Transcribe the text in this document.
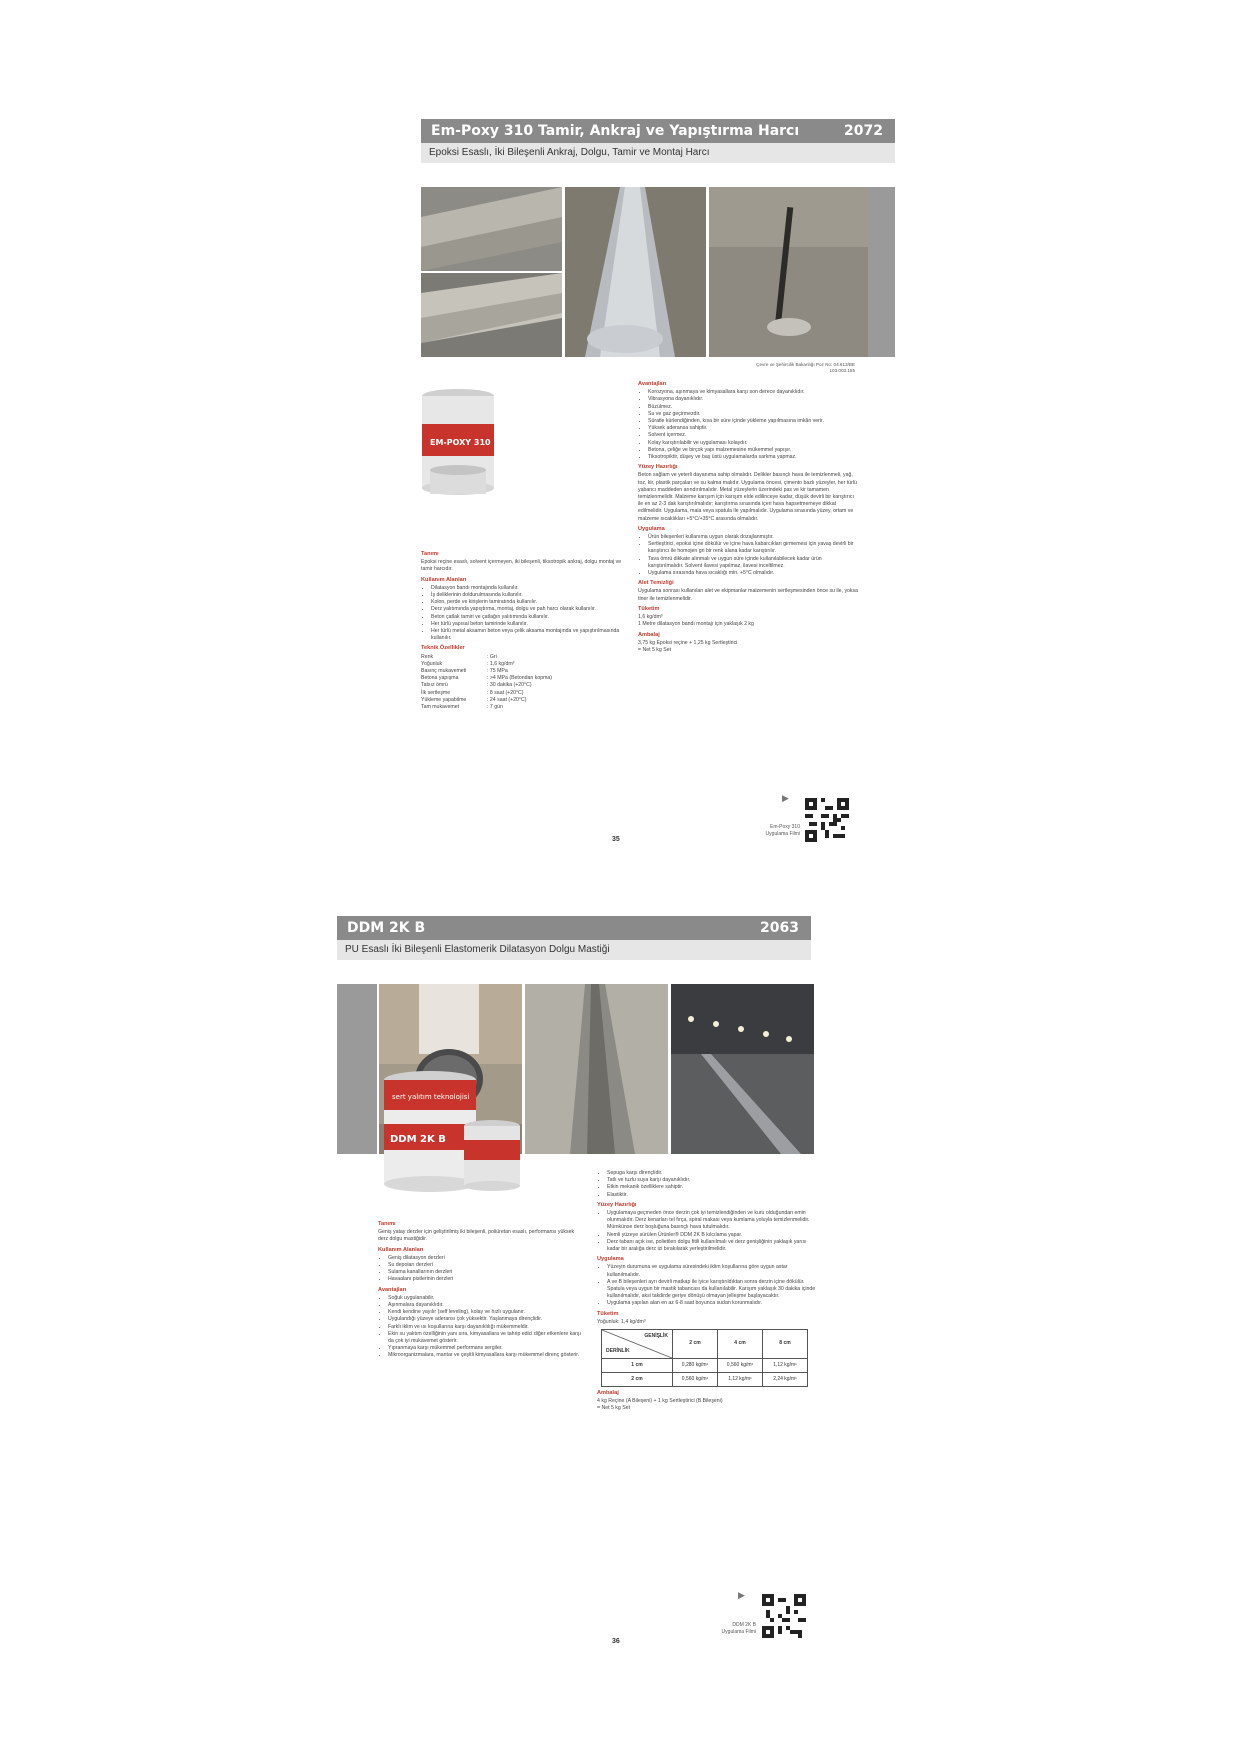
Em-Poxy 310 Tamir, Ankraj ve Yapıştırma Harcı	2072
Epoksi Esaslı, İki Bileşenli Ankraj, Dolgu, Tamir ve Montaj Harcı
Çevre ve Şehircilik Bakanlığı Poz No: 04.613/BE
103.003.155
EM-POXY 310
Tanımı

Epoksi reçine esaslı, solvent içermeyen, iki bileşenli, tiksotropik ankraj, dolgu montaj ve tamir harcıdır.

Kullanım Alanları
• Dilatasyon bandı montajında kullanılır.
• İş deliklerinin doldurulmasında kullanılır.
• Kolon, perde ve kirişlerin tamiratında kullanılır.
• Derz yalıtımında yapıştırma, montaj, dolgu ve pah harcı olarak kullanılır.
• Beton çatlak tamiri ve çatlağın yalıtımında kullanılır.
• Her türlü yapısal beton tamirinde kullanılır.
• Her türlü metal aksamın beton veya çelik aksama montajında ve yapıştırılmasında kullanılır.
Teknik Özellikler
Renk	: Gri
Yoğunluk	: 1,6 kg/dm³
Basınç mukavemeti	: 75 MPa
Betona yapışma	: >4 MPa (Betondan kopma)
Tatsız ömrü	: 30 dakika (+20°C)
İlk sertleşme	: 8 saat (+20°C)
Yükleme yapabilme	: 24 saat (+20°C)
Tam mukavemet	: 7 gün
Avantajları
• Korozyona, aşınmaya ve kimyasallara karşı son derece dayanıklıdır.
• Vibrasyona dayanıklıdır.
• Büzülmez.
• Su ve gaz geçirmezdir.
• Süratle kürlendiğinden, kısa bir süre içinde yükleme yapılmasına imkân verir.
• Yüksek aderansa sahiptir.
• Solvent içermez.
• Kolay karıştırılabilir ve uygulaması kolaydır.
• Betona, çeliğe ve birçok yapı malzemesine mükemmel yapışır.
• Tiksotropiktir, düşey ve baş üstü uygulamalarda sarkma yapmaz.
Yüzey Hazırlığı

Beton sağlam ve yeterli dayanıma sahip olmalıdır. Delikler basınçlı hava ile temizlenmeli, yağ, toz, kir, plastik parçaları ve su kalma malıdır. Uygulama öncesi, çimento bazlı yüzeyler, her türlü yabancı maddeden arındırılmalıdır. Metal yüzeylerin üzerindeki pas ve kir tamamen temizlenmelidir. Malzeme karışım için karışım elde edilinceye kadar, düşük devirli bir karıştırıcı ile en az 2-3 dak karıştırılmalıdır; karıştırma sırasında içeri hava hapsetmemeye dikkat edilmelidir. Uygulama, mala veya spatula ile yapılmalıdır. Uygulama sırasında yüzey, ortam ve malzeme sıcaklıkları +5°C/+35°C arasında olmalıdır.

Uygulama
• Ürün bileşenleri kullanıma uygun olarak dozajlanmıştır.
• Sertleştirici, epoksi içine dökülür ve içine hava kabarcıkları girmemesi için yavaş devirli bir karıştırıcı ile homojen gri bir renk alana kadar karıştırılır.
• Tava ömrü dikkate alınmalı ve uygun süre içinde kullanılabilecek kadar ürün karıştırılmalıdır. Solvent ilavesi yapılmaz, ilavesi inceltilmez.
• Uygulama sırasında hava sıcaklığı min. +5°C olmalıdır.
Alet Temizliği

Uygulama sonrası kullanılan alet ve ekipmanlar malzemenin sertleşmesinden önce su ile, yoksa tiner ile temizlenmelidir.

Tüketim

1,6 kg/dm³
1 Metre dilatasyon bandı montajı için yaklaşık 2 kg

Ambalaj

3,75 kg Epoksi reçine + 1,25 kg Sertleştirici
= Net 5 kg Set

▶
Em-Poxy 310
Uygulama Filmi
35
DDM 2K B	2063
PU Esaslı İki Bileşenli Elastomerik Dilatasyon Dolgu Mastiği
sert yalıtım teknolojisi
DDM 2K B
Tanımı

Geniş yatay derzler için geliştirilmiş iki bileşenli, poliüretan esaslı, performansı yüksek derz dolgu mastiğidir.

Kullanım Alanları
• Geniş dilatasyon derzleri
• Su depoları derzleri
• Sulama kanallarının derzleri
• Havaalanı pistlerinin derzleri
Avantajları
• Soğuk uygulanabilir.
• Aşınmalara dayanıklıdır.
• Kendi kendine yayılır (self leveling), kolay ve hızlı uygulanır.
• Uygulandığı yüzeye aderansı çok yüksektir. Yaşlanmaya dirençlidir.
• Farklı iklim ve ısı koşullarına karşı dayanıklılığı mükemmeldir.
• Ekin su yalıtım özelliğinin yanı sıra, kimyasallara ve tahrip edici diğer etkenlere karşı da çok iyi mukavemet gösterir.
• Yıpranmaya karşı mükemmel performans sergiler.
• Mikroorganizmalara, mantar ve çeşitli kimyasallara karşı mükemmel direnç gösterir.
• Sepuga karşı dirençlidir.
• Tatlı ve tuzlu suya karşı dayanıklıdır.
• Etkin mekanik özelliklere sahiptir.
• Elastiktir.
Yüzey Hazırlığı
• Uygulamaya geçmeden önce derzin çok iyi temizlendiğinden ve kuru olduğundan emin olunmalıdır. Derz kenarları tel fırça, spiral makası veya kumlama yoluyla temizlenmelidir. Mümkünse derz boşluğuna basınçlı hava tutulmalıdır.
• Nemli yüzeye sürülen Ürünler® DDM 2K B kılcılama yapar.
• Derz tabanı açık ise, polietilen dolgu fitili kullanılmalı ve derz genişliğinin yaklaşık yarısı kadar bir aralığa derz izi bırakılarak yerleştirilmelidir.
Uygulama
• Yüzeyin durumuna ve uygulama süresindeki iklim koşullarına göre uygun astar kullanılmalıdır.
• A ve B bileşenleri ayrı devirli matkap ile iyice karıştırıldıktan sonra derzin içine dökülür. Spatula veya uygun bir mastik tabancası da kullanılabilir. Karışım yaklaşık 30 dakika içinde kullanılmalıdır, aksi takdirde geriye dönüşü olmayan jelleşme başlayacaktır.
• Uygulama yapılan alan en az 6-8 saat boyunca sudan korunmalıdır.
Tüketim

Yoğunluk: 1,4 kg/dm³

GENİŞLİK
DERİNLİK	2 cm	4 cm	8 cm
1 cm	0,280 kg/m¹	0,560 kg/m¹	1,12 kg/m¹
2 cm	0,560 kg/m¹	1,12 kg/m¹	2,24 kg/m¹
Ambalaj

4 kg Reçine (A Bileşeni) + 1 kg Sertleştirici (B Bileşeni)
= Net 5 kg Set

▶
DDM 2K B
Uygulama Filmi
36
